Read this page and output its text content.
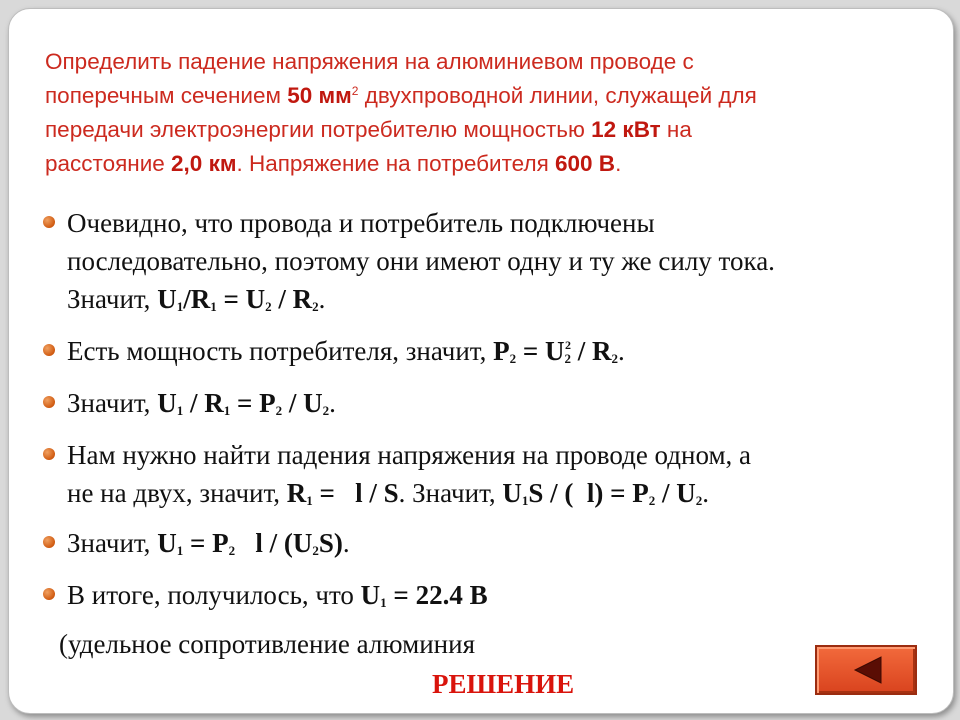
Определить падение напряжения на алюминиевом проводе с
поперечным сечением 50 $мм^2$ двухпроводной линии, служащей для
передачи электроэнергии потребителю мощностью 12 кВт на
расстояние 2,0 км. Напряжение на потребителя 600 В.
Очевидно, что провода и потребитель подключены
последовательно, поэтому они имеют одну и ту же силу тока.
Значит, $U_1/R_1 = U_2 / R_2$.
Есть мощность потребителя, значит, $P_2 = U_2^2 / R_2$.
Значит, $U_1 / R_1 = P_2 / U_2$.
Нам нужно найти падения напряжения на проводе одном, а
не на двух, значит, $R_1 = l / S$. Значит, $U_1S$ / (  $l) = P_2 / U_2$.
Значит, $U_1 = P_2$   l / $(U_2S)$.
В итоге, получилось, что $U_1 = 22.4$ В
(удельное сопротивление алюминия
РЕШЕНИЕ
